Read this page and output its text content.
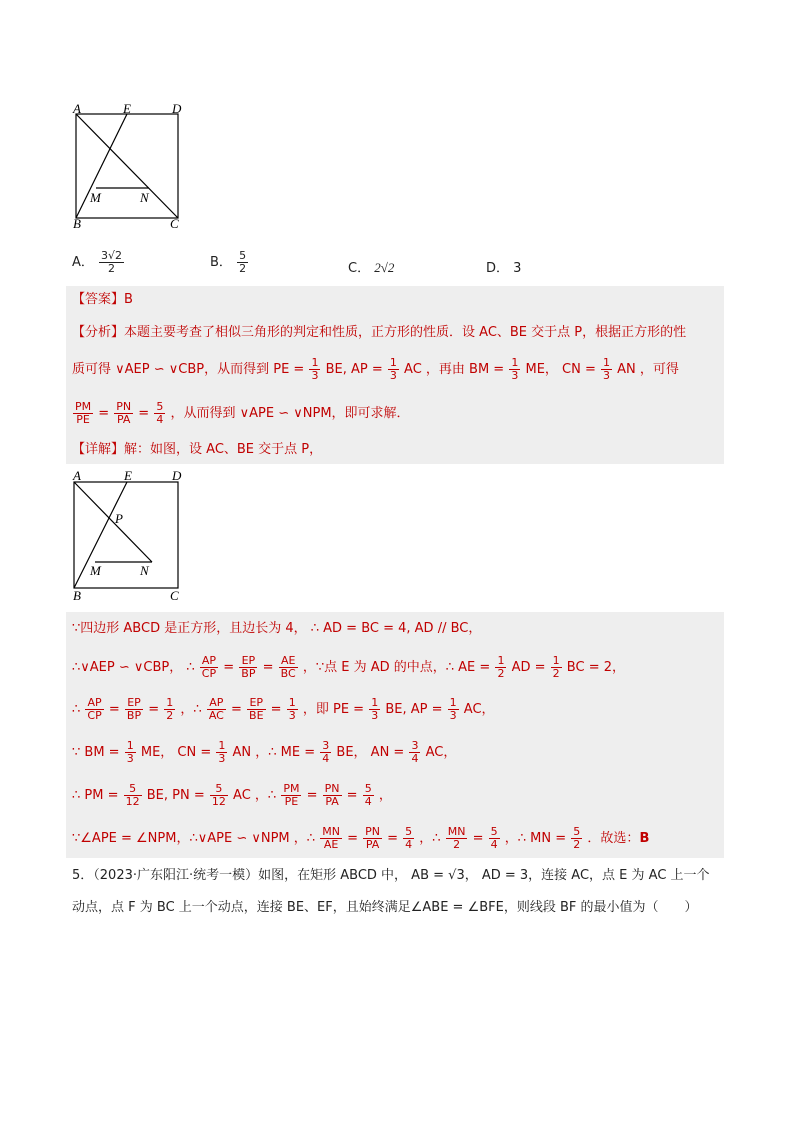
A	E	D
B	C
M	N
A． $\frac{3√2}{2}$	B． $\frac{5}{2}$	C． 2√2	D． 3
【答案】B
【分析】本题主要考查了相似三角形的判定和性质，正方形的性质．设 AC、BE 交于点 P，根据正方形的性
质可得 ∨AEP ∽ ∨CBP，从而得到 PE = $\frac{1}{3}$ BE, AP = $\frac{1}{3}$ AC ，再由 BM = $\frac{1}{3}$ ME， CN = $\frac{1}{3}$ AN ，可得
$\frac{PM}{PE} = \frac{PN}{PA} = \frac{5}{4}$ ，从而得到 ∨APE ∽ ∨NPM，即可求解．
【详解】解：如图，设 AC、BE 交于点 P，
A	E	D
P
M	N
B	C
∵四边形 ABCD 是正方形，且边长为 4， ∴ AD = BC = 4, AD // BC，
∴∨AEP ∽ ∨CBP， ∴ $\frac{AP}{CP} = \frac{EP}{BP} = \frac{AE}{BC}$ ，∵点 E 为 AD 的中点，∴ AE = $\frac{1}{2}$ AD = $\frac{1}{2}$ BC = 2，
∴ $\frac{AP}{CP} = \frac{EP}{BP} = \frac{1}{2}$ ，∴ $\frac{AP}{AC} = \frac{EP}{BE} = \frac{1}{3}$ ，即 PE = $\frac{1}{3}$ BE, AP = $\frac{1}{3}$ AC，
∵ BM = $\frac{1}{3}$ ME， CN = $\frac{1}{3}$ AN ，∴ ME = $\frac{3}{4}$ BE， AN = $\frac{3}{4}$ AC，
∴ PM = $\frac{5}{12}$ BE, PN = $\frac{5}{12}$ AC ，∴ $\frac{PM}{PE} = \frac{PN}{PA} = \frac{5}{4}$ ，
∵∠APE = ∠NPM，∴∨APE ∽ ∨NPM ，∴ $\frac{MN}{AE} = \frac{PN}{PA} = \frac{5}{4}$ ，∴ $\frac{MN}{2} = \frac{5}{4}$ ，∴ MN = $\frac{5}{2}$ ．故选：B
5．（2023·广东阳江·统考一模）如图，在矩形 ABCD 中， AB = √3， AD = 3，连接 AC，点 E 为 AC 上一个
动点，点 F 为 BC 上一个动点，连接 BE、EF，且始终满足∠ABE = ∠BFE，则线段 BF 的最小值为（　　）
